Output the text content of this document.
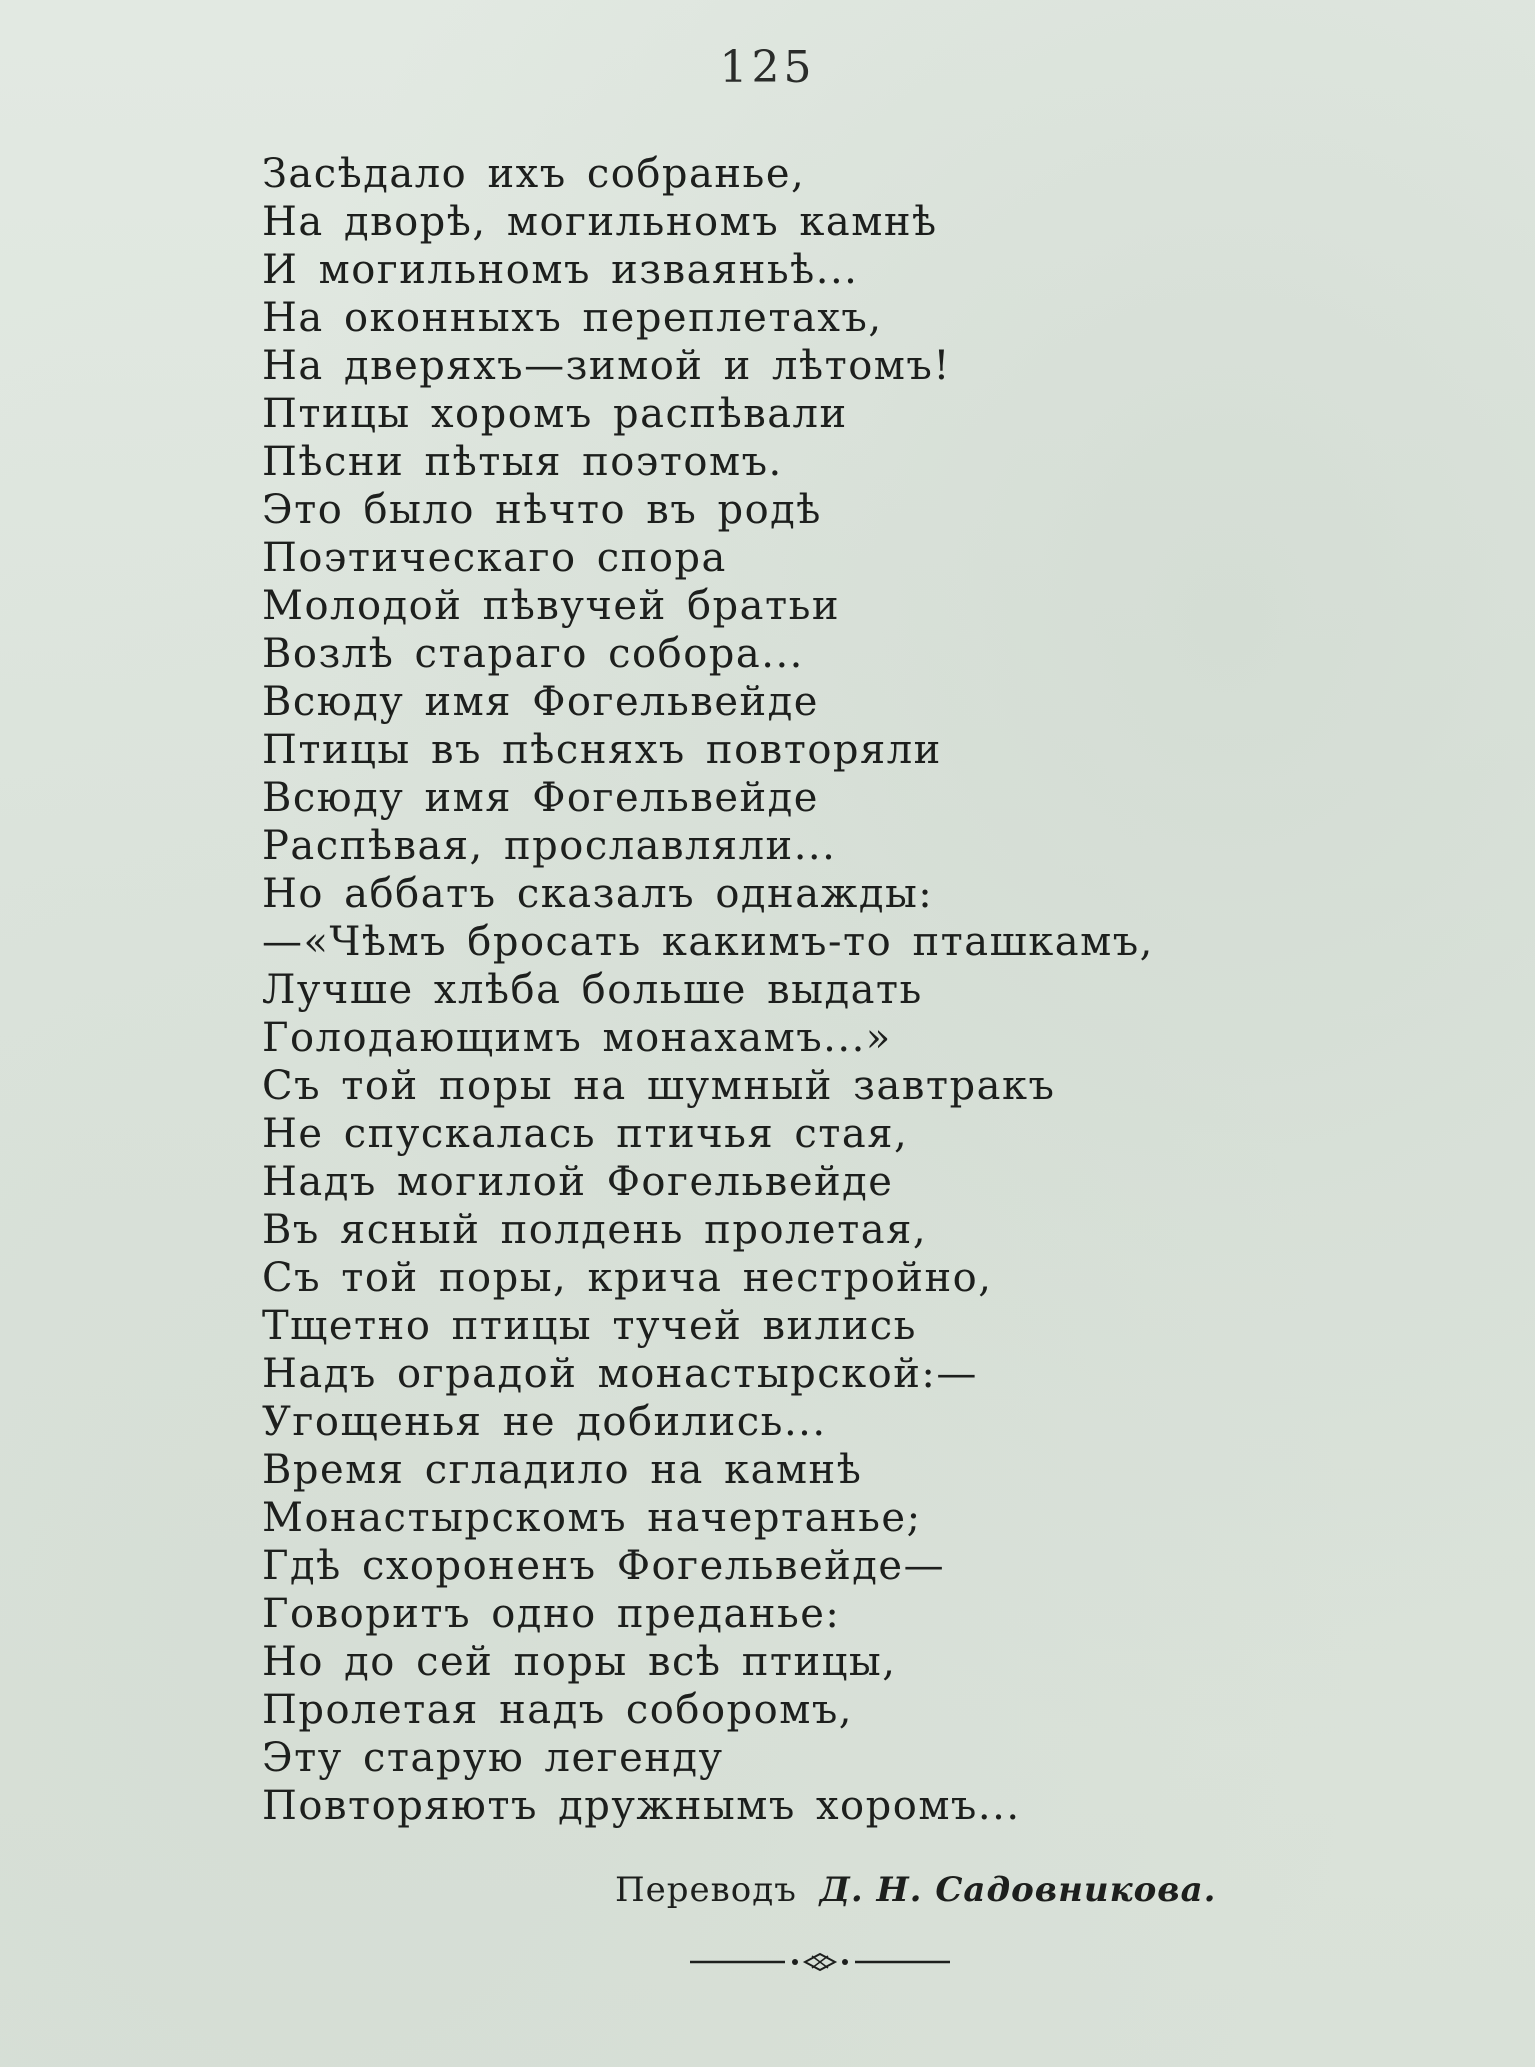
125
Засѣдало ихъ собранье,
На дворѣ, могильномъ камнѣ
И могильномъ изваяньѣ...
На оконныхъ переплетахъ,
На дверяхъ—зимой и лѣтомъ!
Птицы хоромъ распѣвали
Пѣсни пѣтыя поэтомъ.
Это было нѣчто въ родѣ
Поэтическаго спора
Молодой пѣвучей братьи
Возлѣ стараго собора...
Всюду имя Фогельвейде
Птицы въ пѣсняхъ повторяли
Всюду имя Фогельвейде
Распѣвая, прославляли...
Но аббатъ сказалъ однажды:
—«Чѣмъ бросать какимъ-то пташкамъ,
Лучше хлѣба больше выдать
Голодающимъ монахамъ...»
Съ той поры на шумный завтракъ
Не спускалась птичья стая,
Надъ могилой Фогельвейде
Въ ясный полдень пролетая,
Съ той поры, крича нестройно,
Тщетно птицы тучей вились
Надъ оградой монастырской:—
Угощенья не добились...
Время сгладило на камнѣ
Монастырскомъ начертанье;
Гдѣ схороненъ Фогельвейде—
Говоритъ одно преданье:
Но до сей поры всѣ птицы,
Пролетая надъ соборомъ,
Эту старую легенду
Повторяютъ дружнымъ хоромъ...
Переводъ Д. Н. Садовникова.
